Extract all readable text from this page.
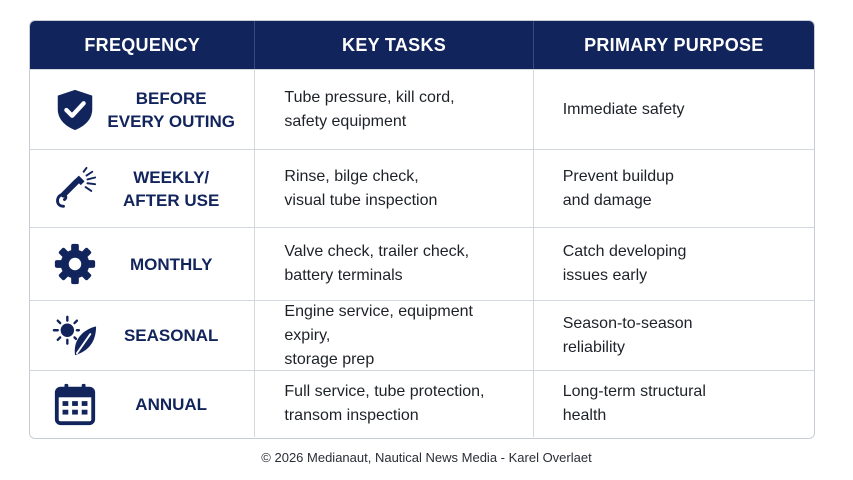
FREQUENCY	KEY TASKS	PRIMARY PURPOSE
BEFORE
EVERY OUTING
Tube pressure, kill cord,
safety equipment
Immediate safety
WEEKLY/
AFTER USE
Rinse, bilge check,
visual tube inspection
Prevent buildup
and damage
MONTHLY
Valve check, trailer check,
battery terminals
Catch developing
issues early
SEASONAL
Engine service, equipment expiry,
storage prep
Season-to-season
reliability
ANNUAL
Full service, tube protection,
transom inspection
Long-term structural
health
© 2026 Medianaut, Nautical News Media - Karel Overlaet
